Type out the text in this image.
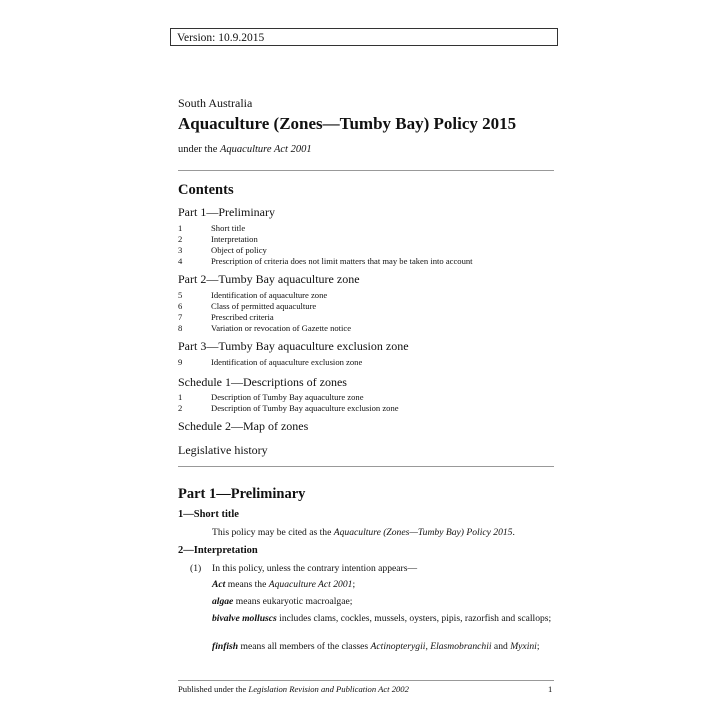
Version: 10.9.2015
South Australia
Aquaculture (Zones—Tumby Bay) Policy 2015
under the Aquaculture Act 2001
Contents
Part 1—Preliminary
1	Short title
2	Interpretation
3	Object of policy
4	Prescription of criteria does not limit matters that may be taken into account
Part 2—Tumby Bay aquaculture zone
5	Identification of aquaculture zone
6	Class of permitted aquaculture
7	Prescribed criteria
8	Variation or revocation of Gazette notice
Part 3—Tumby Bay aquaculture exclusion zone
9	Identification of aquaculture exclusion zone
Schedule 1—Descriptions of zones
1	Description of Tumby Bay aquaculture zone
2	Description of Tumby Bay aquaculture exclusion zone
Schedule 2—Map of zones
Legislative history
Part 1—Preliminary
1—Short title
This policy may be cited as the Aquaculture (Zones—Tumby Bay) Policy 2015.
2—Interpretation
(1) In this policy, unless the contrary intention appears—
Act means the Aquaculture Act 2001;
algae means eukaryotic macroalgae;
bivalve molluscs includes clams, cockles, mussels, oysters, pipis, razorfish and scallops;
finfish means all members of the classes Actinopterygii, Elasmobranchii and Myxini;
Published under the Legislation Revision and Publication Act 2002	1
